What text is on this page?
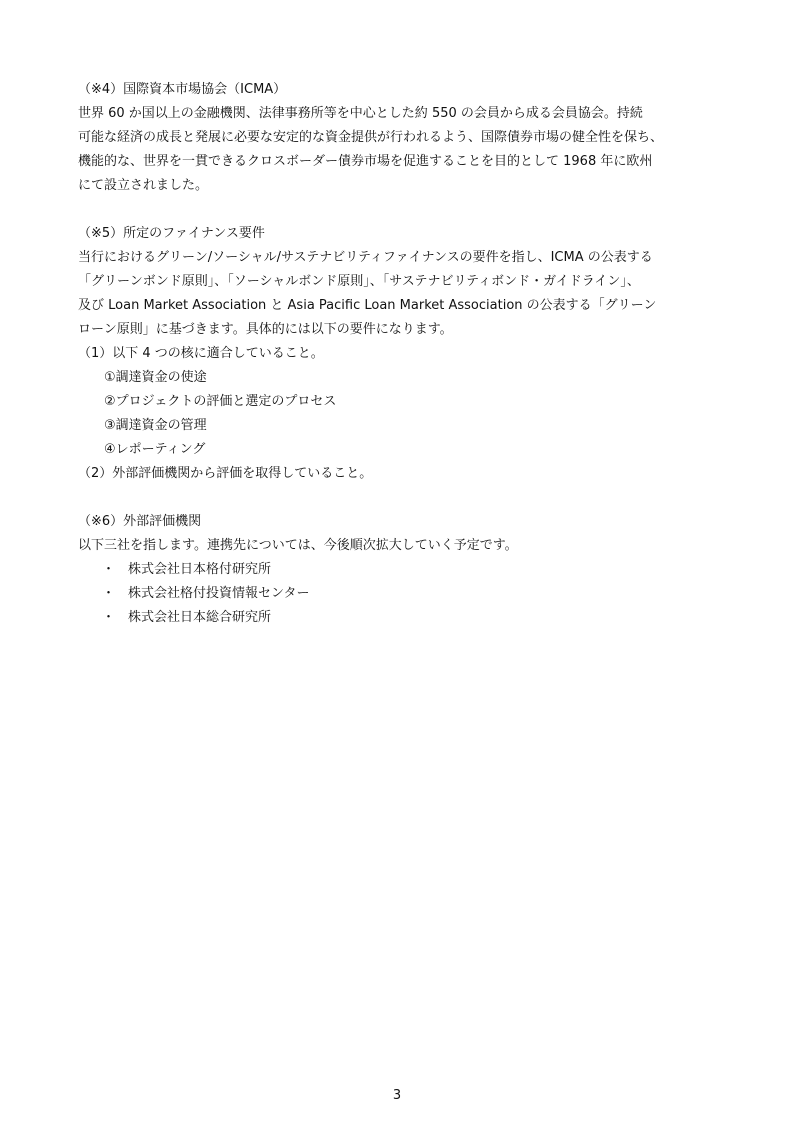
（※4）国際資本市場協会（ICMA）
世界 60 か国以上の金融機関、法律事務所等を中心とした約 550 の会員から成る会員協会。持続
可能な経済の成長と発展に必要な安定的な資金提供が行われるよう、国際債券市場の健全性を保ち、
機能的な、世界を一貫できるクロスボーダー債券市場を促進することを目的として 1968 年に欧州
にて設立されました。
（※5）所定のファイナンス要件
当行におけるグリーン/ソーシャル/サステナビリティファイナンスの要件を指し、ICMA の公表する
「グリーンボンド原則」、「ソーシャルボンド原則」、「サステナビリティボンド・ガイドライン」、
及び Loan Market Association と Asia Pacific Loan Market Association の公表する「グリーン
ローン原則」に基づきます。具体的には以下の要件になります。
（1）以下 4 つの核に適合していること。
①調達資金の使途
②プロジェクトの評価と選定のプロセス
③調達資金の管理
④レポーティング
（2）外部評価機関から評価を取得していること。
（※6）外部評価機関
以下三社を指します。連携先については、今後順次拡大していく予定です。
・ 株式会社日本格付研究所
・ 株式会社格付投資情報センター
・ 株式会社日本総合研究所
3
